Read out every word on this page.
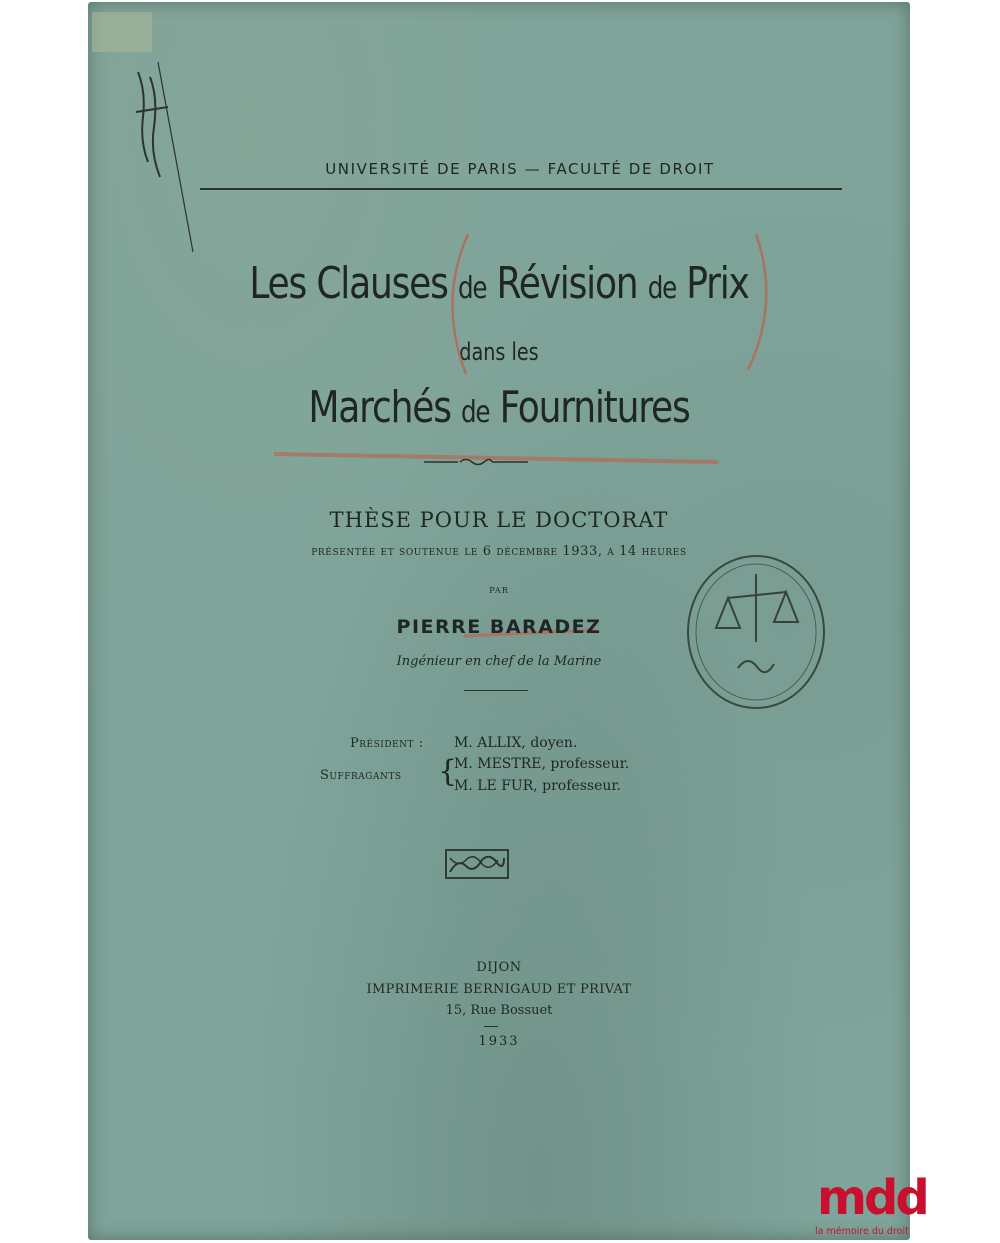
UNIVERSITÉ DE PARIS — FACULTÉ DE DROIT
Les Clauses de Révision de Prix
dans les
Marchés de Fournitures
THÈSE POUR LE DOCTORAT
présentée et soutenue le 6 décembre 1933, a 14 heures
par
PIERRE BARADEZ
Ingénieur en chef de la Marine
Président : M. ALLIX, doyen.
Suffragants {
M. MESTRE, professeur.
M. LE FUR, professeur.
DIJON
IMPRIMERIE BERNIGAUD ET PRIVAT
15, Rue Bossuet
1933
mdd
la mémoire du droit
